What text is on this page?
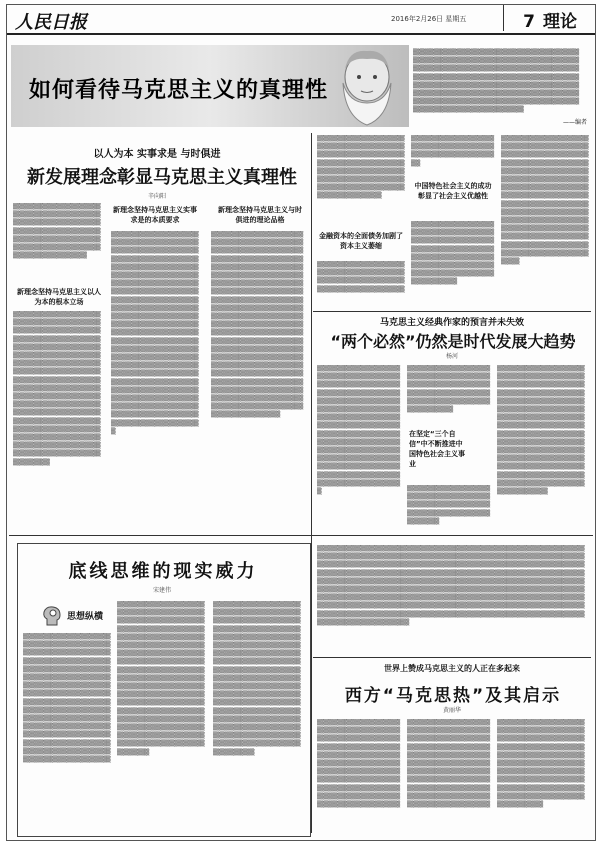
人民日报	2016年2月26日 星期五	7 理论
如何看待马克思主义的真理性
▒▒▒▒▒▒▒▒▒▒▒▒▒▒▒▒▒▒▒▒▒▒▒▒▒▒▒▒▒▒▒▒▒▒▒▒
▒▒▒▒▒▒▒▒▒▒▒▒▒▒▒▒▒▒▒▒▒▒▒▒▒▒▒▒▒▒▒▒▒▒▒▒
▒▒▒▒▒▒▒▒▒▒▒▒▒▒▒▒▒▒▒▒▒▒▒▒▒▒▒▒▒▒▒▒▒▒▒▒
▒▒▒▒▒▒▒▒▒▒▒▒▒▒▒▒▒▒▒▒▒▒▒▒▒▒▒▒▒▒▒▒▒▒▒▒
▒▒▒▒▒▒▒▒▒▒▒▒▒▒▒▒▒▒▒▒▒▒▒▒▒▒▒▒▒▒▒▒▒▒▒▒
▒▒▒▒▒▒▒▒▒▒▒▒▒▒▒▒▒▒▒▒▒▒▒▒▒▒▒▒▒▒▒▒▒▒▒▒
▒▒▒▒▒▒▒▒▒▒▒▒▒▒▒▒▒▒▒▒▒▒▒▒▒▒▒▒▒▒▒▒▒▒▒▒
▒▒▒▒▒▒▒▒▒▒▒▒▒▒▒▒▒▒▒▒▒▒▒▒
——编者
以人为本 实事求是 与时俱进
新发展理念彰显马克思主义真理性
辛向阳
▒▒▒▒▒▒▒▒▒▒▒▒▒▒▒▒▒▒▒▒▒▒▒▒▒▒▒▒▒▒▒▒▒▒▒▒▒▒▒▒▒▒▒▒▒▒▒▒▒▒▒▒▒▒▒▒▒▒▒▒▒▒▒▒▒▒▒▒▒▒▒▒▒▒▒▒▒▒▒▒▒▒▒▒▒▒▒▒▒▒▒▒▒▒▒▒▒▒▒▒▒▒▒▒▒▒▒▒▒▒▒▒▒▒▒▒▒▒▒▒▒▒▒▒▒▒▒▒▒▒
新理念坚持马克思主义以人为本的根本立场
▒▒▒▒▒▒▒▒▒▒▒▒▒▒▒▒▒▒▒▒▒▒▒▒▒▒▒▒▒▒▒▒▒▒▒▒▒▒▒▒▒▒▒▒▒▒▒▒▒▒▒▒▒▒▒▒▒▒▒▒▒▒▒▒▒▒▒▒▒▒▒▒▒▒▒▒▒▒▒▒▒▒▒▒▒▒▒▒▒▒▒▒▒▒▒▒▒▒▒▒▒▒▒▒▒▒▒▒▒▒▒▒▒▒▒▒▒▒▒▒▒▒▒▒▒▒▒▒▒▒▒▒▒▒▒▒▒▒▒▒▒▒▒▒▒▒▒▒▒▒▒▒▒▒▒▒▒▒▒▒▒▒▒▒▒▒▒▒▒▒▒▒▒▒▒▒▒▒▒▒▒▒▒▒▒▒▒▒▒▒▒▒▒▒▒▒▒▒▒▒▒▒▒▒▒▒▒▒▒▒▒▒▒▒▒▒▒▒▒▒▒▒▒▒▒▒▒▒▒▒▒▒▒▒▒▒▒▒▒▒▒▒▒▒▒▒▒▒▒▒▒▒▒▒▒▒▒▒▒▒▒▒▒▒▒▒▒▒▒▒▒▒▒▒▒▒▒▒▒▒▒▒▒▒▒▒▒▒▒▒▒▒▒▒▒▒▒▒▒▒▒▒▒▒▒▒▒▒▒▒▒▒▒▒▒▒▒▒▒▒▒▒▒▒▒▒▒▒▒▒▒▒▒▒▒▒▒▒▒▒▒▒▒▒▒▒▒▒▒▒
新理念坚持马克思主义实事求是的本质要求
▒▒▒▒▒▒▒▒▒▒▒▒▒▒▒▒▒▒▒▒▒▒▒▒▒▒▒▒▒▒▒▒▒▒▒▒▒▒▒▒▒▒▒▒▒▒▒▒▒▒▒▒▒▒▒▒▒▒▒▒▒▒▒▒▒▒▒▒▒▒▒▒▒▒▒▒▒▒▒▒▒▒▒▒▒▒▒▒▒▒▒▒▒▒▒▒▒▒▒▒▒▒▒▒▒▒▒▒▒▒▒▒▒▒▒▒▒▒▒▒▒▒▒▒▒▒▒▒▒▒▒▒▒▒▒▒▒▒▒▒▒▒▒▒▒▒▒▒▒▒▒▒▒▒▒▒▒▒▒▒▒▒▒▒▒▒▒▒▒▒▒▒▒▒▒▒▒▒▒▒▒▒▒▒▒▒▒▒▒▒▒▒▒▒▒▒▒▒▒▒▒▒▒▒▒▒▒▒▒▒▒▒▒▒▒▒▒▒▒▒▒▒▒▒▒▒▒▒▒▒▒▒▒▒▒▒▒▒▒▒▒▒▒▒▒▒▒▒▒▒▒▒▒▒▒▒▒▒▒▒▒▒▒▒▒▒▒▒▒▒▒▒▒▒▒▒▒▒▒▒▒▒▒▒▒▒▒▒▒▒▒▒▒▒▒▒▒▒▒▒▒▒▒▒▒▒▒▒▒▒▒▒▒▒▒▒▒▒▒▒▒▒▒▒▒▒▒▒▒▒▒▒▒▒▒▒▒▒▒▒▒▒▒▒▒▒▒▒▒▒▒▒▒▒▒▒▒▒▒▒▒▒▒▒▒▒▒▒▒▒▒▒▒▒▒▒▒▒▒▒▒▒▒▒▒▒▒▒▒▒▒▒▒▒▒▒▒▒▒▒▒▒▒▒▒▒▒▒▒▒▒▒▒▒▒▒▒▒▒▒▒▒▒▒▒▒▒▒▒▒▒▒▒▒▒▒▒▒▒▒▒▒▒▒▒▒▒▒▒▒▒▒▒▒▒▒▒
新理念坚持马克思主义与时俱进的理论品格
▒▒▒▒▒▒▒▒▒▒▒▒▒▒▒▒▒▒▒▒▒▒▒▒▒▒▒▒▒▒▒▒▒▒▒▒▒▒▒▒▒▒▒▒▒▒▒▒▒▒▒▒▒▒▒▒▒▒▒▒▒▒▒▒▒▒▒▒▒▒▒▒▒▒▒▒▒▒▒▒▒▒▒▒▒▒▒▒▒▒▒▒▒▒▒▒▒▒▒▒▒▒▒▒▒▒▒▒▒▒▒▒▒▒▒▒▒▒▒▒▒▒▒▒▒▒▒▒▒▒▒▒▒▒▒▒▒▒▒▒▒▒▒▒▒▒▒▒▒▒▒▒▒▒▒▒▒▒▒▒▒▒▒▒▒▒▒▒▒▒▒▒▒▒▒▒▒▒▒▒▒▒▒▒▒▒▒▒▒▒▒▒▒▒▒▒▒▒▒▒▒▒▒▒▒▒▒▒▒▒▒▒▒▒▒▒▒▒▒▒▒▒▒▒▒▒▒▒▒▒▒▒▒▒▒▒▒▒▒▒▒▒▒▒▒▒▒▒▒▒▒▒▒▒▒▒▒▒▒▒▒▒▒▒▒▒▒▒▒▒▒▒▒▒▒▒▒▒▒▒▒▒▒▒▒▒▒▒▒▒▒▒▒▒▒▒▒▒▒▒▒▒▒▒▒▒▒▒▒▒▒▒▒▒▒▒▒▒▒▒▒▒▒▒▒▒▒▒▒▒▒▒▒▒▒▒▒▒▒▒▒▒▒▒▒▒▒▒▒▒▒▒▒▒▒▒▒▒▒▒▒▒▒▒▒▒▒▒▒▒▒▒▒▒▒▒▒▒▒▒▒▒▒▒▒▒▒▒▒▒▒▒▒▒▒▒▒▒▒▒▒▒▒▒▒▒▒▒▒▒▒▒▒▒▒▒▒▒▒▒▒▒▒▒▒▒▒▒▒▒▒▒▒▒▒▒▒▒▒▒▒▒▒▒▒▒▒▒▒▒▒▒▒▒▒
▒▒▒▒▒▒▒▒▒▒▒▒▒▒▒▒▒▒▒▒▒▒▒▒▒▒▒▒▒▒▒▒▒▒▒▒▒▒▒▒▒▒▒▒▒▒▒▒▒▒▒▒▒▒▒▒▒▒▒▒▒▒▒▒▒▒▒▒▒▒▒▒▒▒▒▒▒▒▒▒▒▒▒▒▒▒▒▒▒▒▒▒▒▒▒▒▒▒▒▒▒▒▒▒▒▒▒▒▒▒▒▒▒▒▒▒▒▒▒▒▒▒▒▒▒▒▒▒▒▒▒▒▒▒▒▒▒▒▒▒▒▒▒▒▒▒▒
金融资本的全面债务加剧了资本主义萎缩
▒▒▒▒▒▒▒▒▒▒▒▒▒▒▒▒▒▒▒▒▒▒▒▒▒▒▒▒▒▒▒▒▒▒▒▒▒▒▒▒▒▒▒▒▒▒▒▒▒▒▒▒▒▒▒▒▒▒▒▒▒▒▒▒▒▒▒▒▒▒▒▒▒▒▒▒
▒▒▒▒▒▒▒▒▒▒▒▒▒▒▒▒▒▒▒▒▒▒▒▒▒▒▒▒▒▒▒▒▒▒▒▒▒▒▒▒▒▒▒▒▒▒▒▒▒▒▒▒▒▒▒▒
中国特色社会主义的成功彰显了社会主义优越性
▒▒▒▒▒▒▒▒▒▒▒▒▒▒▒▒▒▒▒▒▒▒▒▒▒▒▒▒▒▒▒▒▒▒▒▒▒▒▒▒▒▒▒▒▒▒▒▒▒▒▒▒▒▒▒▒▒▒▒▒▒▒▒▒▒▒▒▒▒▒▒▒▒▒▒▒▒▒▒▒▒▒▒▒▒▒▒▒▒▒▒▒▒▒▒▒▒▒▒▒▒▒▒▒▒▒▒▒▒▒▒▒▒▒▒▒▒▒▒▒▒▒▒▒▒▒▒▒▒▒▒▒▒▒▒▒
▒▒▒▒▒▒▒▒▒▒▒▒▒▒▒▒▒▒▒▒▒▒▒▒▒▒▒▒▒▒▒▒▒▒▒▒▒▒▒▒▒▒▒▒▒▒▒▒▒▒▒▒▒▒▒▒▒▒▒▒▒▒▒▒▒▒▒▒▒▒▒▒▒▒▒▒▒▒▒▒▒▒▒▒▒▒▒▒▒▒▒▒▒▒▒▒▒▒▒▒▒▒▒▒▒▒▒▒▒▒▒▒▒▒▒▒▒▒▒▒▒▒▒▒▒▒▒▒▒▒▒▒▒▒▒▒▒▒▒▒▒▒▒▒▒▒▒▒▒▒▒▒▒▒▒▒▒▒▒▒▒▒▒▒▒▒▒▒▒▒▒▒▒▒▒▒▒▒▒▒▒▒▒▒▒▒▒▒▒▒▒▒▒▒▒▒▒▒▒▒▒▒▒▒▒▒▒▒▒▒▒▒▒▒▒▒▒▒▒▒▒▒▒▒▒▒▒▒▒▒▒▒▒▒▒▒▒▒▒▒▒▒▒▒▒▒▒▒▒▒▒▒▒▒▒▒▒▒▒▒▒▒▒▒▒▒▒▒▒▒▒▒▒▒▒▒▒▒▒▒▒▒▒▒▒▒▒▒▒
马克思主义经典作家的预言并未失效
“两个必然”仍然是时代发展大趋势
杨河
▒▒▒▒▒▒▒▒▒▒▒▒▒▒▒▒▒▒▒▒▒▒▒▒▒▒▒▒▒▒▒▒▒▒▒▒▒▒▒▒▒▒▒▒▒▒▒▒▒▒▒▒▒▒▒▒▒▒▒▒▒▒▒▒▒▒▒▒▒▒▒▒▒▒▒▒▒▒▒▒▒▒▒▒▒▒▒▒▒▒▒▒▒▒▒▒▒▒▒▒▒▒▒▒▒▒▒▒▒▒▒▒▒▒▒▒▒▒▒▒▒▒▒▒▒▒▒▒▒▒▒▒▒▒▒▒▒▒▒▒▒▒▒▒▒▒▒▒▒▒▒▒▒▒▒▒▒▒▒▒▒▒▒▒▒▒▒▒▒▒▒▒▒▒▒▒▒▒▒▒▒▒▒▒▒▒▒▒▒▒▒▒▒▒▒▒▒▒▒▒▒▒▒▒▒▒▒▒▒▒▒▒▒▒▒▒▒▒▒▒▒▒▒▒▒▒▒▒▒▒▒▒▒▒▒▒▒▒▒▒▒▒▒▒▒▒▒▒▒▒▒▒▒▒▒▒▒▒▒▒▒▒▒▒▒▒▒▒▒▒▒
▒▒▒▒▒▒▒▒▒▒▒▒▒▒▒▒▒▒▒▒▒▒▒▒▒▒▒▒▒▒▒▒▒▒▒▒▒▒▒▒▒▒▒▒▒▒▒▒▒▒▒▒▒▒▒▒▒▒▒▒▒▒▒▒▒▒▒▒▒▒▒▒▒▒▒▒▒▒▒▒▒▒▒▒▒▒▒▒▒▒▒▒▒▒▒▒▒▒▒▒
在坚定“三个自信”中不断推进中国特色社会主义事业
▒▒▒▒▒▒▒▒▒▒▒▒▒▒▒▒▒▒▒▒▒▒▒▒▒▒▒▒▒▒▒▒▒▒▒▒▒▒▒▒▒▒▒▒▒▒▒▒▒▒▒▒▒▒▒▒▒▒▒▒▒▒▒▒▒▒▒▒▒▒▒▒▒▒▒▒▒▒▒
▒▒▒▒▒▒▒▒▒▒▒▒▒▒▒▒▒▒▒▒▒▒▒▒▒▒▒▒▒▒▒▒▒▒▒▒▒▒▒▒▒▒▒▒▒▒▒▒▒▒▒▒▒▒▒▒▒▒▒▒▒▒▒▒▒▒▒▒▒▒▒▒▒▒▒▒▒▒▒▒▒▒▒▒▒▒▒▒▒▒▒▒▒▒▒▒▒▒▒▒▒▒▒▒▒▒▒▒▒▒▒▒▒▒▒▒▒▒▒▒▒▒▒▒▒▒▒▒▒▒▒▒▒▒▒▒▒▒▒▒▒▒▒▒▒▒▒▒▒▒▒▒▒▒▒▒▒▒▒▒▒▒▒▒▒▒▒▒▒▒▒▒▒▒▒▒▒▒▒▒▒▒▒▒▒▒▒▒▒▒▒▒▒▒▒▒▒▒▒▒▒▒▒▒▒▒▒▒▒▒▒▒▒▒▒▒▒▒▒▒▒▒▒▒▒▒▒▒▒▒▒▒▒▒▒▒▒▒▒▒▒▒▒▒▒▒▒▒▒▒▒▒▒▒▒▒▒▒▒▒▒▒▒▒▒▒▒▒▒▒▒▒▒▒▒▒▒▒▒▒▒▒▒▒▒▒▒▒▒▒▒▒▒▒▒▒
底线思维的现实威力
宋建伟
思想纵横
▒▒▒▒▒▒▒▒▒▒▒▒▒▒▒▒▒▒▒▒▒▒▒▒▒▒▒▒▒▒▒▒▒▒▒▒▒▒▒▒▒▒▒▒▒▒▒▒▒▒▒▒▒▒▒▒▒▒▒▒▒▒▒▒▒▒▒▒▒▒▒▒▒▒▒▒▒▒▒▒▒▒▒▒▒▒▒▒▒▒▒▒▒▒▒▒▒▒▒▒▒▒▒▒▒▒▒▒▒▒▒▒▒▒▒▒▒▒▒▒▒▒▒▒▒▒▒▒▒▒▒▒▒▒▒▒▒▒▒▒▒▒▒▒▒▒▒▒▒▒▒▒▒▒▒▒▒▒▒▒▒▒▒▒▒▒▒▒▒▒▒▒▒▒▒▒▒▒▒▒▒▒▒▒▒▒▒▒▒▒▒▒▒▒▒▒▒▒▒▒▒▒▒▒▒▒▒▒▒▒▒▒▒▒▒▒▒▒▒▒▒▒▒▒▒▒▒▒▒▒▒▒▒▒▒▒▒▒▒▒▒▒▒▒▒▒▒▒▒▒▒▒▒▒▒▒▒▒▒▒▒▒▒▒▒▒▒▒▒▒▒▒▒▒▒▒▒▒▒▒▒▒▒▒▒▒▒▒▒▒▒▒▒▒▒▒▒▒▒▒▒▒▒▒
▒▒▒▒▒▒▒▒▒▒▒▒▒▒▒▒▒▒▒▒▒▒▒▒▒▒▒▒▒▒▒▒▒▒▒▒▒▒▒▒▒▒▒▒▒▒▒▒▒▒▒▒▒▒▒▒▒▒▒▒▒▒▒▒▒▒▒▒▒▒▒▒▒▒▒▒▒▒▒▒▒▒▒▒▒▒▒▒▒▒▒▒▒▒▒▒▒▒▒▒▒▒▒▒▒▒▒▒▒▒▒▒▒▒▒▒▒▒▒▒▒▒▒▒▒▒▒▒▒▒▒▒▒▒▒▒▒▒▒▒▒▒▒▒▒▒▒▒▒▒▒▒▒▒▒▒▒▒▒▒▒▒▒▒▒▒▒▒▒▒▒▒▒▒▒▒▒▒▒▒▒▒▒▒▒▒▒▒▒▒▒▒▒▒▒▒▒▒▒▒▒▒▒▒▒▒▒▒▒▒▒▒▒▒▒▒▒▒▒▒▒▒▒▒▒▒▒▒▒▒▒▒▒▒▒▒▒▒▒▒▒▒▒▒▒▒▒▒▒▒▒▒▒▒▒▒▒▒▒▒▒▒▒▒▒▒▒▒▒▒▒▒▒▒▒▒▒▒▒▒▒▒▒▒▒▒▒▒▒▒▒▒▒▒▒▒▒▒▒▒▒▒▒▒▒▒▒▒▒▒▒▒▒▒▒▒▒▒▒▒▒▒▒▒▒▒▒▒▒▒▒▒▒▒▒▒▒▒▒▒▒▒▒▒▒▒▒▒▒
▒▒▒▒▒▒▒▒▒▒▒▒▒▒▒▒▒▒▒▒▒▒▒▒▒▒▒▒▒▒▒▒▒▒▒▒▒▒▒▒▒▒▒▒▒▒▒▒▒▒▒▒▒▒▒▒▒▒▒▒▒▒▒▒▒▒▒▒▒▒▒▒▒▒▒▒▒▒▒▒▒▒▒▒▒▒▒▒▒▒▒▒▒▒▒▒▒▒▒▒▒▒▒▒▒▒▒▒▒▒▒▒▒▒▒▒▒▒▒▒▒▒▒▒▒▒▒▒▒▒▒▒▒▒▒▒▒▒▒▒▒▒▒▒▒▒▒▒▒▒▒▒▒▒▒▒▒▒▒▒▒▒▒▒▒▒▒▒▒▒▒▒▒▒▒▒▒▒▒▒▒▒▒▒▒▒▒▒▒▒▒▒▒▒▒▒▒▒▒▒▒▒▒▒▒▒▒▒▒▒▒▒▒▒▒▒▒▒▒▒▒▒▒▒▒▒▒▒▒▒▒▒▒▒▒▒▒▒▒▒▒▒▒▒▒▒▒▒▒▒▒▒▒▒▒▒▒▒▒▒▒▒▒▒▒▒▒▒▒▒▒▒▒▒▒▒▒▒▒▒▒▒▒▒▒▒▒▒▒▒▒▒▒▒▒▒▒▒▒▒▒▒▒▒▒▒▒▒▒▒▒▒▒▒▒▒▒▒▒▒▒▒▒▒▒▒▒▒▒▒▒▒▒▒▒▒▒▒▒▒▒▒▒▒▒▒▒▒▒▒▒
▒▒▒▒▒▒▒▒▒▒▒▒▒▒▒▒▒▒▒▒▒▒▒▒▒▒▒▒▒▒▒▒▒▒▒▒▒▒▒▒▒▒▒▒▒▒▒▒▒▒▒▒▒▒▒▒▒▒▒▒▒▒▒▒▒▒▒▒▒▒▒▒▒▒▒▒▒▒▒▒▒▒▒▒▒▒▒▒▒▒▒▒▒▒▒▒▒▒▒▒▒▒▒▒▒▒▒▒▒▒▒▒▒▒▒▒▒▒▒▒▒▒▒▒▒▒▒▒▒▒▒▒▒▒▒▒▒▒▒▒▒▒▒▒▒▒▒▒▒▒▒▒▒▒▒▒▒▒▒▒▒▒▒▒▒▒▒▒▒▒▒▒▒▒▒▒▒▒▒▒▒▒▒▒▒▒▒▒▒▒▒▒▒▒▒▒▒▒▒▒▒▒▒▒▒▒▒▒▒▒▒▒▒▒▒▒▒▒▒▒▒▒▒▒▒▒▒▒▒▒▒▒▒▒▒▒▒▒▒▒▒▒▒▒▒▒▒▒▒▒▒▒▒▒▒▒▒▒▒▒▒▒▒▒▒▒▒▒▒▒▒▒▒▒▒▒▒▒▒▒▒▒▒▒▒▒▒▒▒▒▒▒▒▒▒▒▒▒▒▒▒▒▒▒▒▒▒▒▒▒▒▒▒▒▒▒▒▒▒▒▒▒▒▒▒▒▒▒▒▒▒▒▒▒▒▒▒▒▒▒▒▒▒▒▒▒▒▒▒▒▒▒▒▒▒▒▒▒▒▒▒▒▒▒▒▒▒▒▒▒▒▒▒▒▒▒▒▒▒▒▒▒▒▒▒▒▒▒▒▒▒▒▒▒▒▒▒▒▒▒▒▒▒▒▒▒▒▒▒▒▒▒▒▒▒▒▒▒▒▒▒▒▒▒▒▒▒▒▒▒▒▒▒▒▒▒▒▒▒▒▒▒▒▒▒▒▒▒▒▒▒▒▒▒▒▒▒▒▒▒▒▒▒▒▒▒▒▒▒▒▒▒▒▒▒▒▒▒▒▒▒▒▒▒▒▒▒▒▒▒▒▒▒▒▒▒▒▒▒▒▒▒▒▒▒▒▒▒▒▒▒▒▒▒▒▒▒▒▒▒▒▒▒▒▒▒▒▒▒▒▒▒▒▒▒▒▒▒▒▒▒▒
世界上赞成马克思主义的人正在多起来
西方“马克思热”及其启示
黄丽华
▒▒▒▒▒▒▒▒▒▒▒▒▒▒▒▒▒▒▒▒▒▒▒▒▒▒▒▒▒▒▒▒▒▒▒▒▒▒▒▒▒▒▒▒▒▒▒▒▒▒▒▒▒▒▒▒▒▒▒▒▒▒▒▒▒▒▒▒▒▒▒▒▒▒▒▒▒▒▒▒▒▒▒▒▒▒▒▒▒▒▒▒▒▒▒▒▒▒▒▒▒▒▒▒▒▒▒▒▒▒▒▒▒▒▒▒▒▒▒▒▒▒▒▒▒▒▒▒▒▒▒▒▒▒▒▒▒▒▒▒▒▒▒▒▒▒▒▒▒▒▒▒▒▒▒▒▒▒▒▒▒▒▒▒▒▒▒▒▒▒▒▒▒▒▒▒▒▒▒▒▒▒▒▒▒▒▒▒▒▒▒▒▒▒▒▒▒▒
▒▒▒▒▒▒▒▒▒▒▒▒▒▒▒▒▒▒▒▒▒▒▒▒▒▒▒▒▒▒▒▒▒▒▒▒▒▒▒▒▒▒▒▒▒▒▒▒▒▒▒▒▒▒▒▒▒▒▒▒▒▒▒▒▒▒▒▒▒▒▒▒▒▒▒▒▒▒▒▒▒▒▒▒▒▒▒▒▒▒▒▒▒▒▒▒▒▒▒▒▒▒▒▒▒▒▒▒▒▒▒▒▒▒▒▒▒▒▒▒▒▒▒▒▒▒▒▒▒▒▒▒▒▒▒▒▒▒▒▒▒▒▒▒▒▒▒▒▒▒▒▒▒▒▒▒▒▒▒▒▒▒▒▒▒▒▒▒▒▒▒▒▒▒▒▒▒▒▒▒▒▒▒▒▒▒▒▒▒▒▒▒▒▒▒▒▒▒
▒▒▒▒▒▒▒▒▒▒▒▒▒▒▒▒▒▒▒▒▒▒▒▒▒▒▒▒▒▒▒▒▒▒▒▒▒▒▒▒▒▒▒▒▒▒▒▒▒▒▒▒▒▒▒▒▒▒▒▒▒▒▒▒▒▒▒▒▒▒▒▒▒▒▒▒▒▒▒▒▒▒▒▒▒▒▒▒▒▒▒▒▒▒▒▒▒▒▒▒▒▒▒▒▒▒▒▒▒▒▒▒▒▒▒▒▒▒▒▒▒▒▒▒▒▒▒▒▒▒▒▒▒▒▒▒▒▒▒▒▒▒▒▒▒▒▒▒▒▒▒▒▒▒▒▒▒▒▒▒▒▒▒▒▒▒▒▒▒▒▒▒▒▒▒▒▒▒▒▒▒▒▒▒▒▒▒▒▒▒▒▒▒▒▒▒▒▒▒▒
